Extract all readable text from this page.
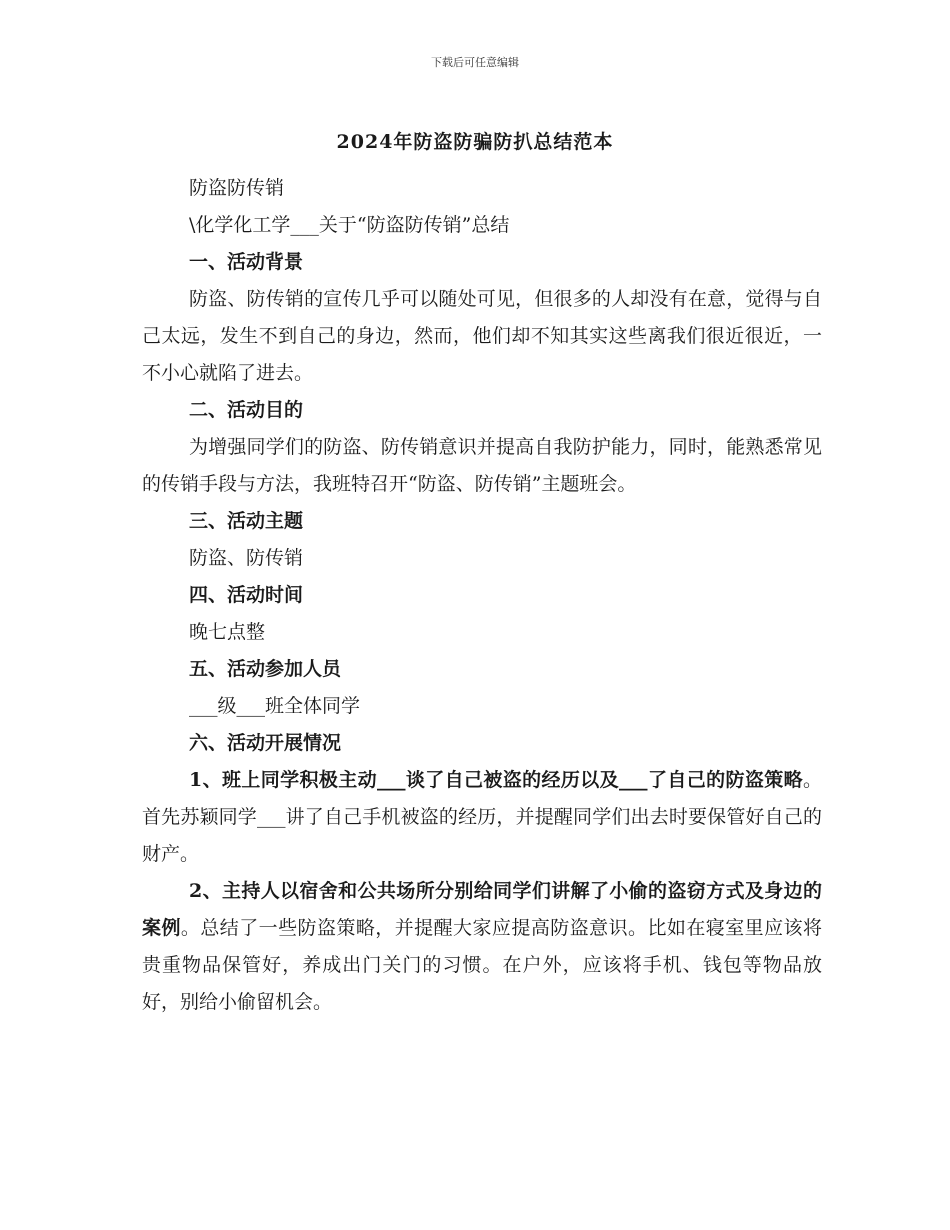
下载后可任意编辑
2024年防盗防骗防扒总结范本

防盗防传销

\化学化工学___关于“防盗防传销”总结

一、活动背景

防盗、防传销的宣传几乎可以随处可见，但很多的人却没有在意，觉得与自己太远，发生不到自己的身边，然而，他们却不知其实这些离我们很近很近，一不小心就陷了进去。

二、活动目的

为增强同学们的防盗、防传销意识并提高自我防护能力，同时，能熟悉常见的传销手段与方法，我班特召开“防盗、防传销”主题班会。

三、活动主题

防盗、防传销

四、活动时间

晚七点整

五、活动参加人员

___级___班全体同学

六、活动开展情况

1、班上同学积极主动___谈了自己被盗的经历以及___了自己的防盗策略。首先苏颖同学___讲了自己手机被盗的经历，并提醒同学们出去时要保管好自己的财产。

2、主持人以宿舍和公共场所分别给同学们讲解了小偷的盗窃方式及身边的案例。总结了一些防盗策略，并提醒大家应提高防盗意识。比如在寝室里应该将贵重物品保管好，养成出门关门的习惯。在户外，应该将手机、钱包等物品放好，别给小偷留机会。
